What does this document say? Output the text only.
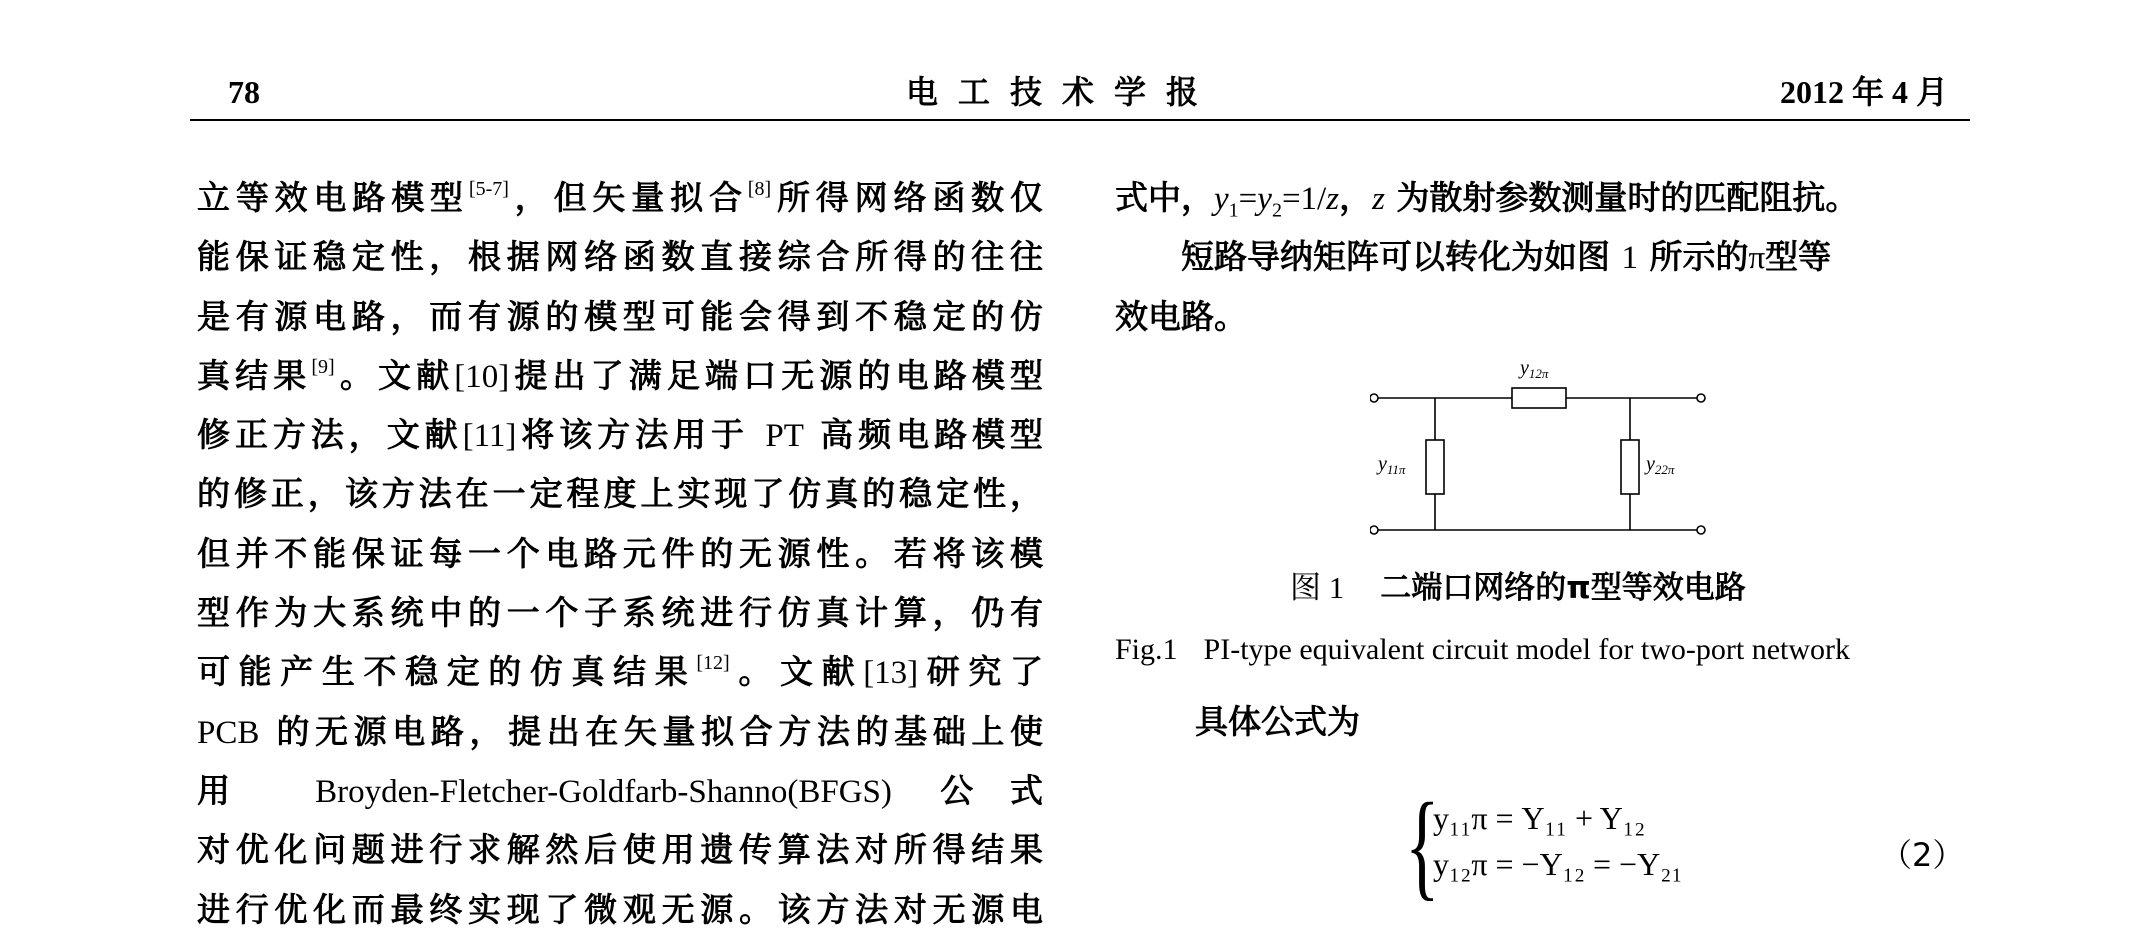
78	电工技术学报	2012 年 4 月
立等效电路模型[5-7]，但矢量拟合[8]所得网络函数仅
能保证稳定性，根据网络函数直接综合所得的往往
是有源电路，而有源的模型可能会得到不稳定的仿
真结果[9]。文献[10]提出了满足端口无源的电路模型
修正方法，文献[11]将该方法用于 PT 高频电路模型
的修正，该方法在一定程度上实现了仿真的稳定性，
但并不能保证每一个电路元件的无源性。若将该模
型作为大系统中的一个子系统进行仿真计算，仍有
可能产生不稳定的仿真结果[12]。文献[13]研究了
PCB 的无源电路，提出在矢量拟合方法的基础上使
用 Broyden-Fletcher-Goldfarb-Shanno(BFGS) 公式
对优化问题进行求解然后使用遗传算法对所得结果
进行优化而最终实现了微观无源。该方法对无源电
式中，$y_1=y_2=1/z$，z 为散射参数测量时的匹配阻抗。
短路导纳矩阵可以转化为如图 1 所示的π型等
效电路。
$y_{12\pi}$
$y_{11\pi}$	$y_{22\pi}$
图 1 二端口网络的π型等效电路
Fig.1 PI-type equivalent circuit model for two-port network
具体公式为
{
y₁₁π = Y₁₁ + Y₁₂
y₁₂π = −Y₁₂ = −Y₂₁	（2）
